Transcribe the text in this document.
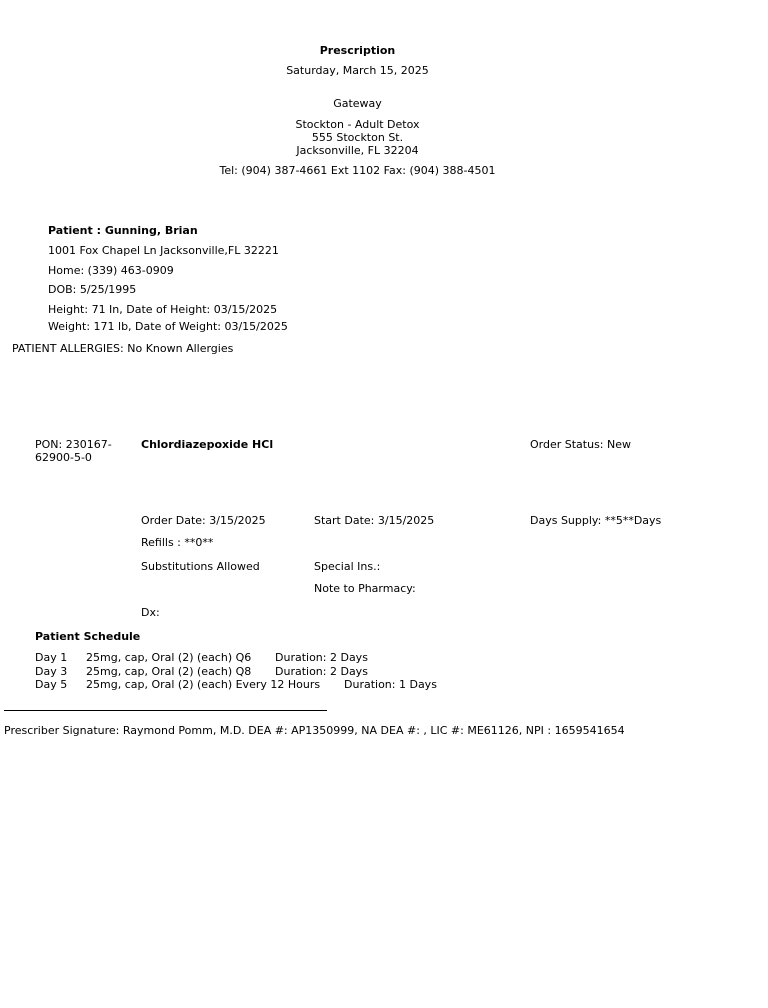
Prescription
Saturday, March 15, 2025
Gateway
Stockton - Adult Detox
555 Stockton St.
Jacksonville, FL 32204
Tel: (904) 387-4661 Ext 1102 Fax: (904) 388-4501
Patient : Gunning, Brian
1001 Fox Chapel Ln Jacksonville,FL 32221
Home: (339) 463-0909
DOB: 5/25/1995
Height: 71 In, Date of Height: 03/15/2025
Weight: 171 lb, Date of Weight: 03/15/2025
PATIENT ALLERGIES: No Known Allergies
PON: 230167-
62900-5-0
Chlordiazepoxide HCl	Order Status: New
Order Date: 3/15/2025	Start Date: 3/15/2025	Days Supply: **5**Days
Refills : **0**
Substitutions Allowed	Special Ins.:
Note to Pharmacy:
Dx:
Patient Schedule
Day 1 25mg, cap, Oral (2) (each) Q6 Duration: 2 Days
Day 3 25mg, cap, Oral (2) (each) Q8 Duration: 2 Days
Day 5 25mg, cap, Oral (2) (each) Every 12 Hours Duration: 1 Days
Prescriber Signature: Raymond Pomm, M.D. DEA #: AP1350999, NA DEA #: , LIC #: ME61126, NPI : 1659541654
